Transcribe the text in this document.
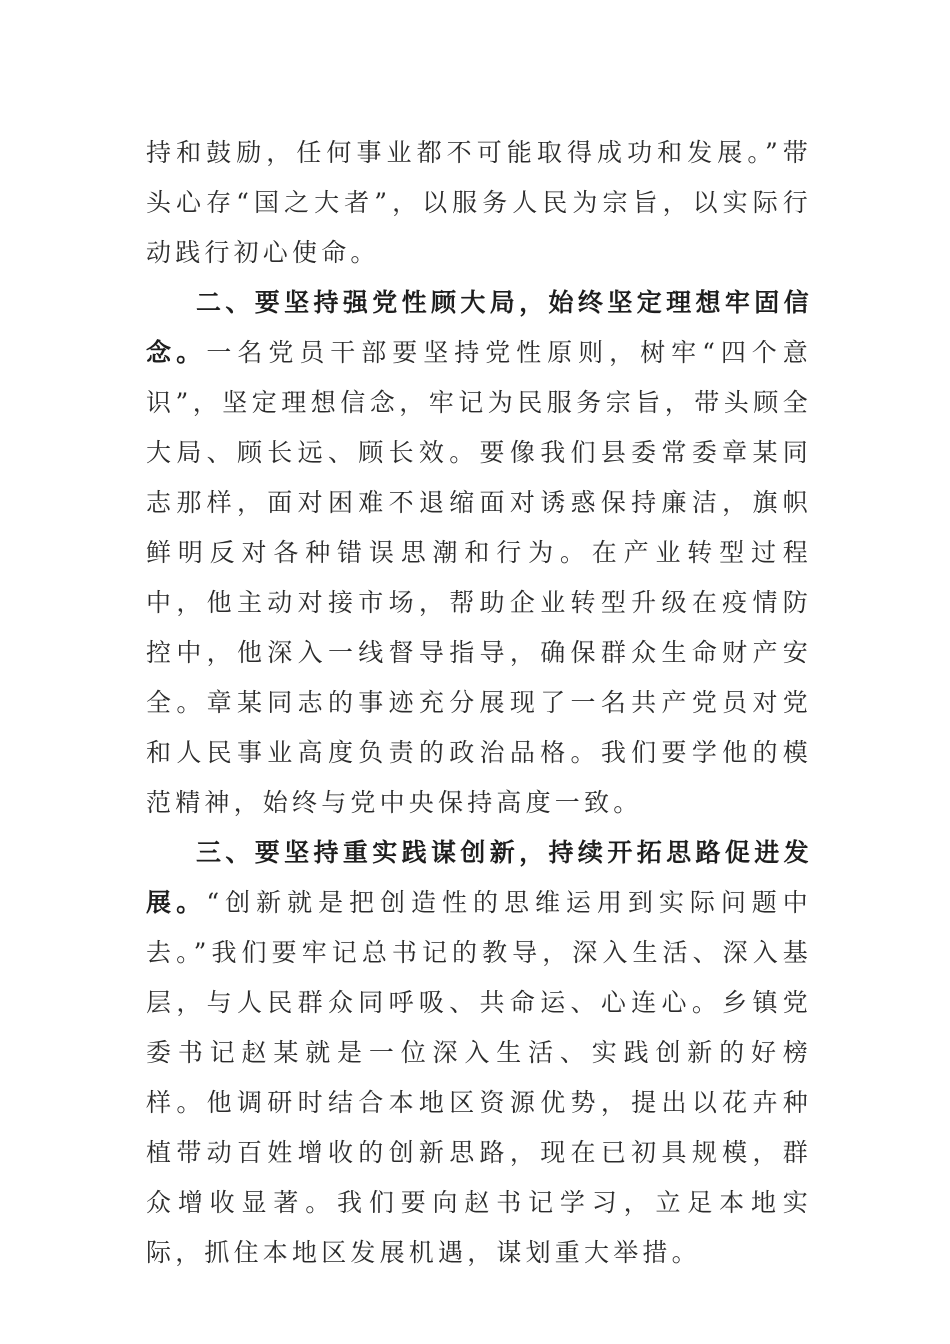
持和鼓励，任何事业都不可能取得成功和发展。”带头心存“国之大者”，以服务人民为宗旨，以实际行动践行初心使命。

二、要坚持强党性顾大局，始终坚定理想牢固信念。一名党员干部要坚持党性原则，树牢“四个意识”，坚定理想信念，牢记为民服务宗旨，带头顾全大局、顾长远、顾长效。要像我们县委常委章某同志那样，面对困难不退缩面对诱惑保持廉洁，旗帜鲜明反对各种错误思潮和行为。在产业转型过程中，他主动对接市场，帮助企业转型升级在疫情防控中，他深入一线督导指导，确保群众生命财产安全。章某同志的事迹充分展现了一名共产党员对党和人民事业高度负责的政治品格。我们要学他的模范精神，始终与党中央保持高度一致。

三、要坚持重实践谋创新，持续开拓思路促进发展。“创新就是把创造性的思维运用到实际问题中去。”我们要牢记总书记的教导，深入生活、深入基层，与人民群众同呼吸、共命运、心连心。乡镇党委书记赵某就是一位深入生活、实践创新的好榜样。他调研时结合本地区资源优势，提出以花卉种植带动百姓增收的创新思路，现在已初具规模，群众增收显著。我们要向赵书记学习，立足本地实际，抓住本地区发展机遇，谋划重大举措。
